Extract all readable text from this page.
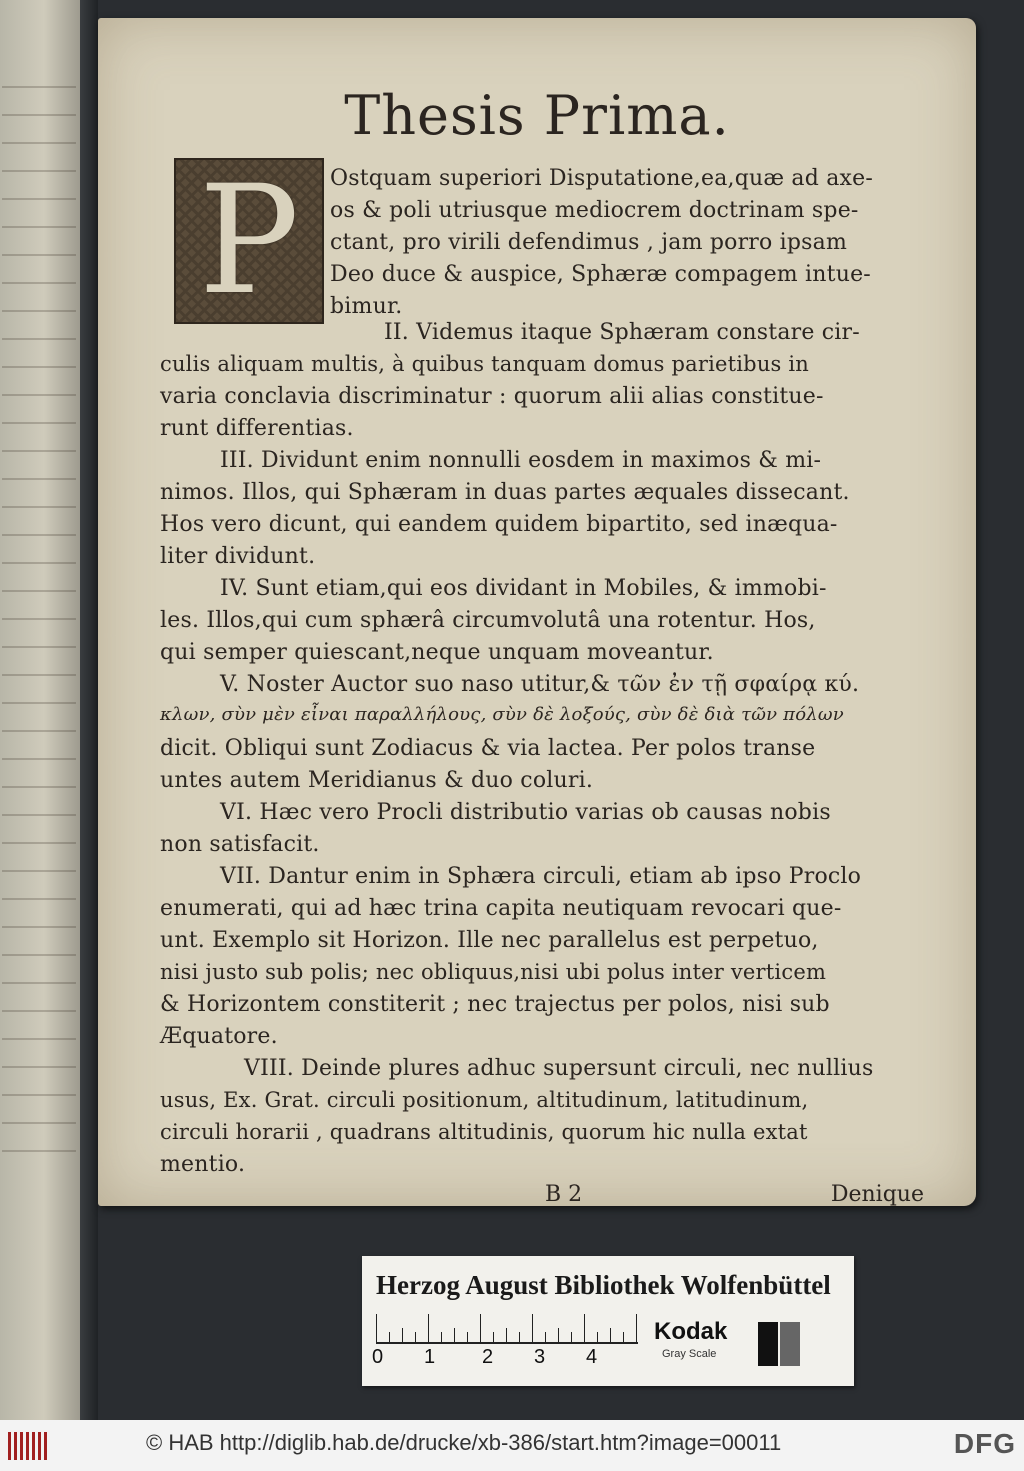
Thesis Prima.
P	Ostquam superiori Disputatione,ea,quæ ad axe-
os & poli utriusque mediocrem doctrinam spe-
ctant, pro virili defendimus , jam porro ipsam
Deo duce & auspice, Sphæræ compagem intue-
bimur.
II. Videmus itaque Sphæram constare cir-
culis aliquam multis, à quibus tanquam domus parietibus in
varia conclavia discriminatur : quorum alii alias constitue-
runt differentias.
III. Dividunt enim nonnulli eosdem in maximos & mi-
nimos. Illos, qui Sphæram in duas partes æquales dissecant.
Hos vero dicunt, qui eandem quidem bipartito, sed inæqua-
liter dividunt.
IV. Sunt etiam,qui eos dividant in Mobiles, & immobi-
les. Illos,qui cum sphærâ circumvolutâ una rotentur. Hos,
qui semper quiescant,neque unquam moveantur.
V. Noster Auctor suo naso utitur,& τῶν ἐν τῇ σφαίρᾳ κύ.
κλων, σὺν μὲν εἶναι παραλλήλους, σὺν δὲ λοξούς, σὺν δὲ διὰ τῶν πόλων
dicit. Obliqui sunt Zodiacus & via lactea. Per polos transe
untes autem Meridianus & duo coluri.
VI. Hæc vero Procli distributio varias ob causas nobis
non satisfacit.
VII. Dantur enim in Sphæra circuli, etiam ab ipso Proclo
enumerati, qui ad hæc trina capita neutiquam revocari que-
unt. Exemplo sit Horizon. Ille nec parallelus est perpetuo,
nisi justo sub polis; nec obliquus,nisi ubi polus inter verticem
& Horizontem constiterit ; nec trajectus per polos, nisi sub
Æquatore.
VIII. Deinde plures adhuc supersunt circuli, nec nullius
usus, Ex. Grat. circuli positionum, altitudinum, latitudinum,
circuli horarii , quadrans altitudinis, quorum hic nulla extat
mentio.
B 2	Denique
Herzog August Bibliothek Wolfenbüttel
0 1 2 3 4
Kodak
Gray Scale
© HAB http://diglib.hab.de/drucke/xb-386/start.htm?image=00011	DFG
